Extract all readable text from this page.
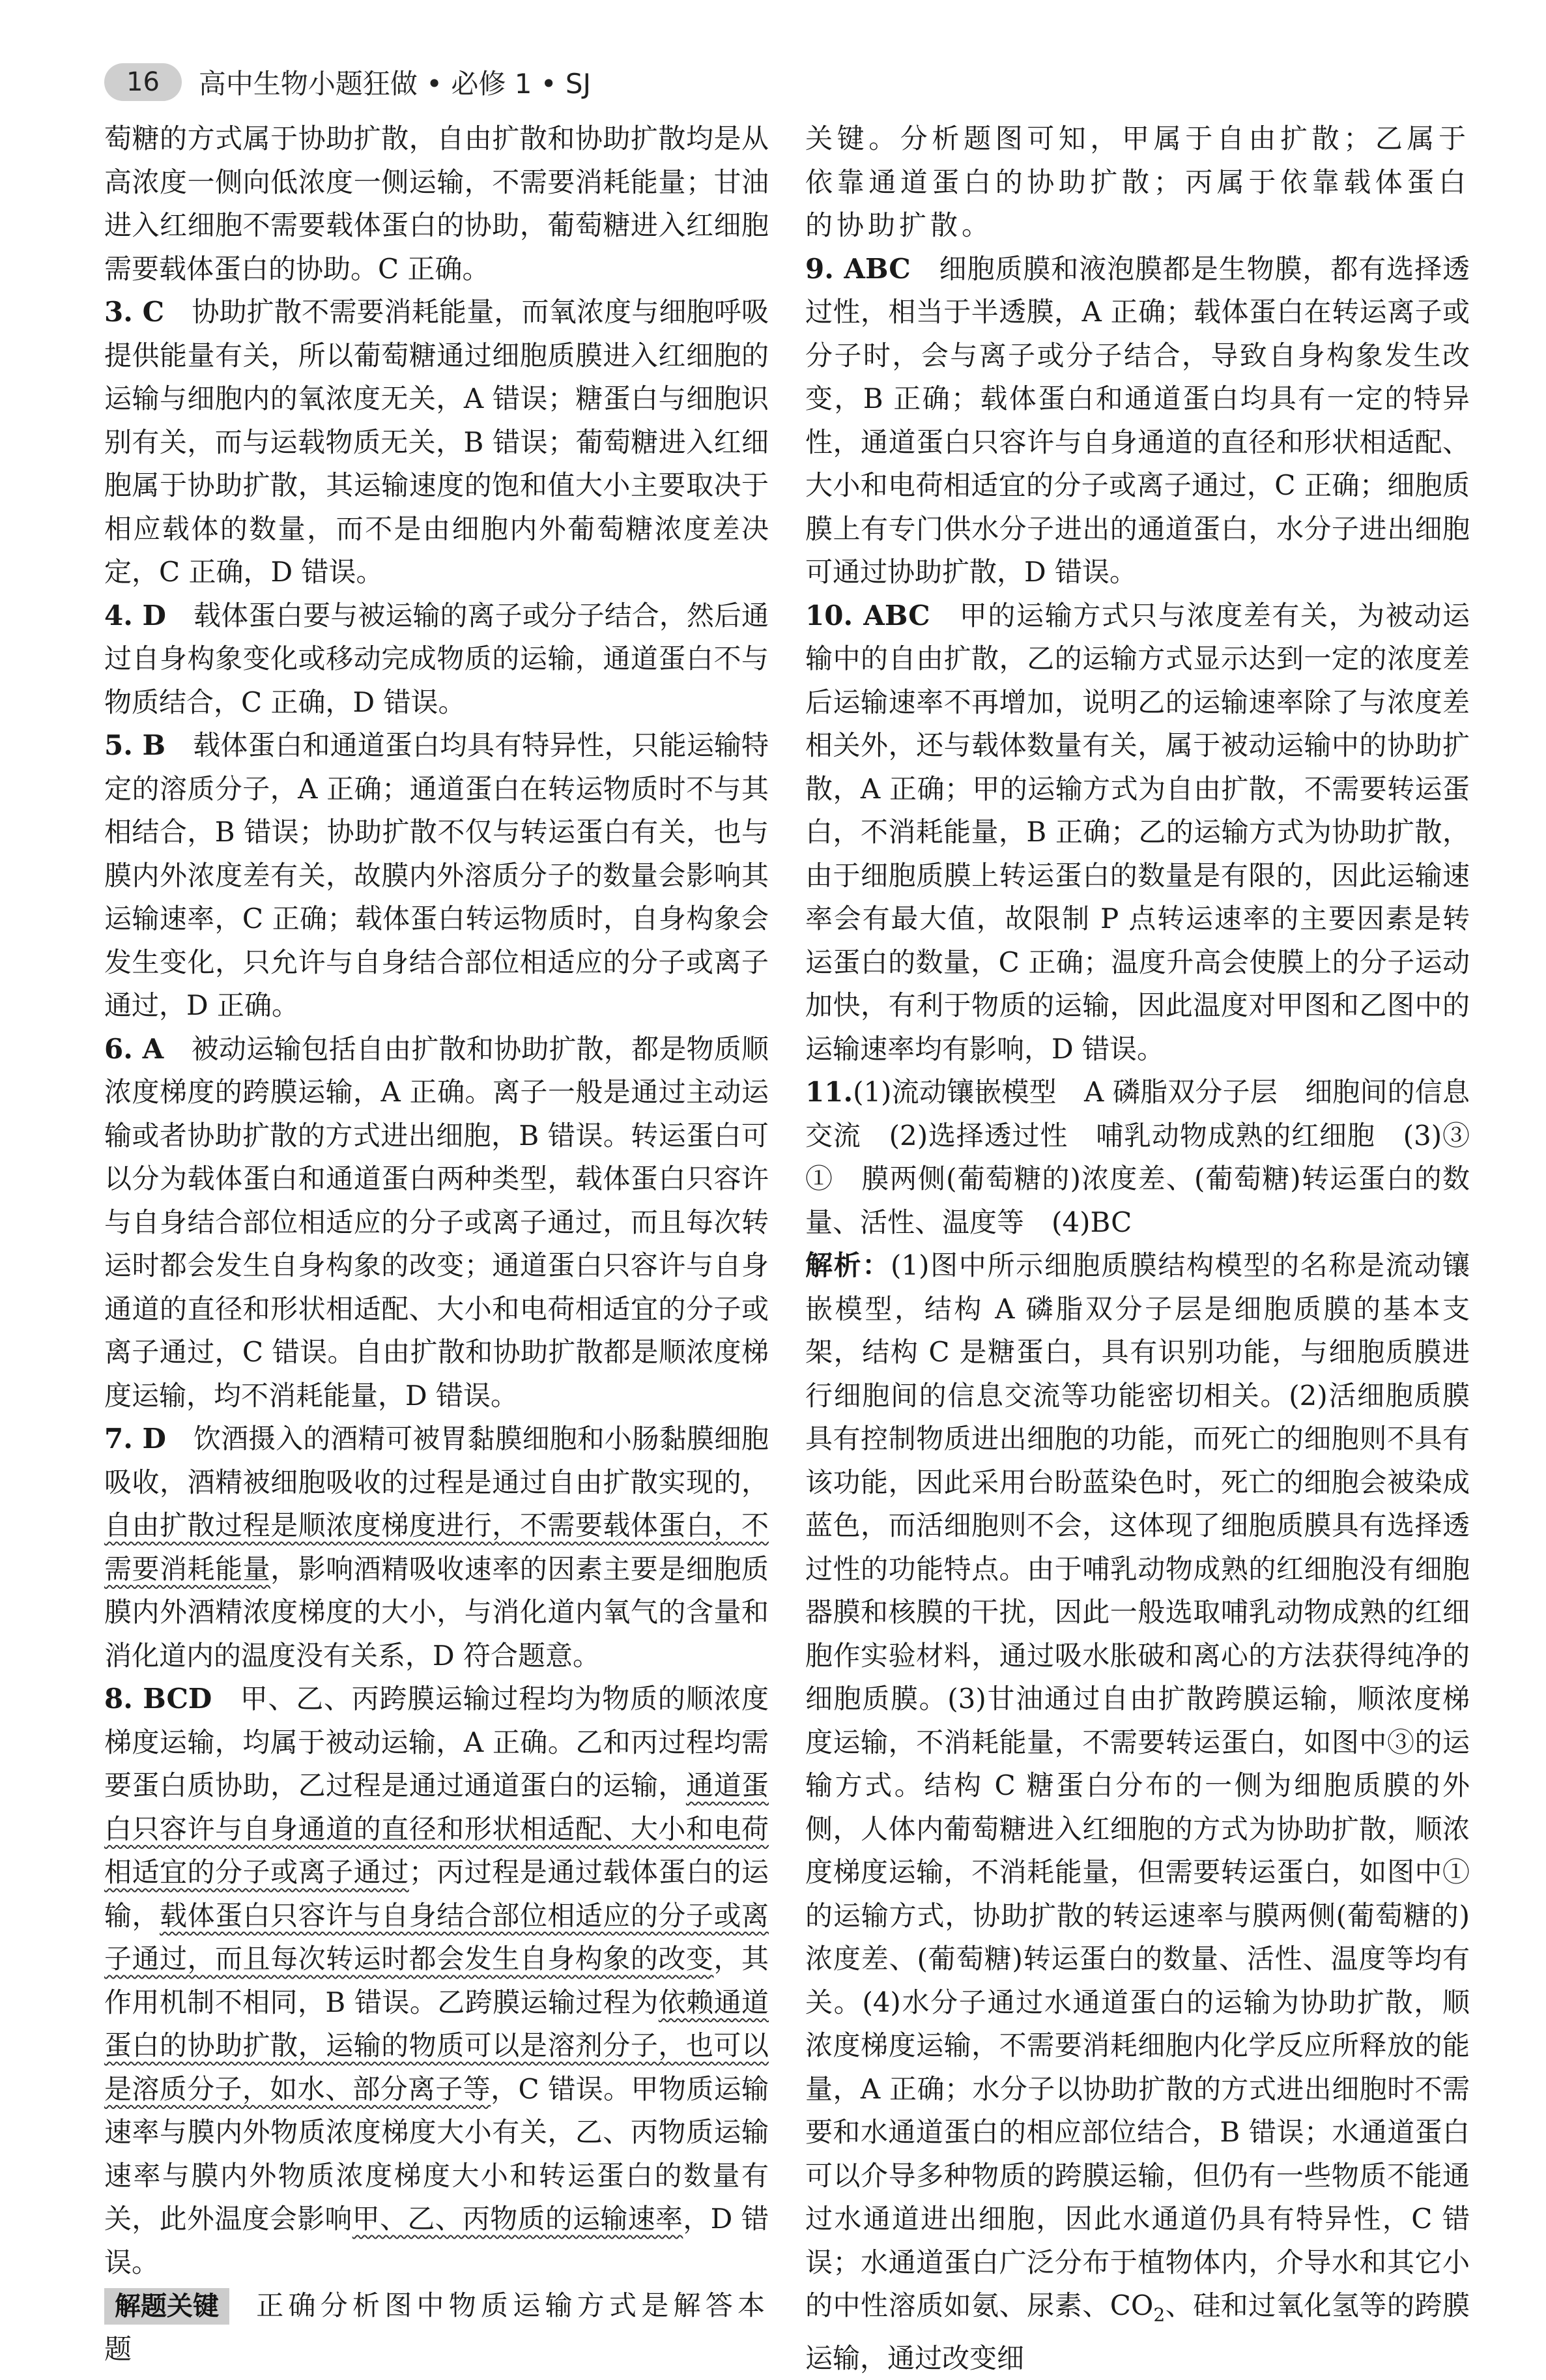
16	高中生物小题狂做 • 必修 1 • SJ

萄糖的方式属于协助扩散，自由扩散和协助扩散均是从高浓度一侧向低浓度一侧运输，不需要消耗能量；甘油进入红细胞不需要载体蛋白的协助，葡萄糖进入红细胞需要载体蛋白的协助。C 正确。

3. C　 协助扩散不需要消耗能量，而氧浓度与细胞呼吸提供能量有关，所以葡萄糖通过细胞质膜进入红细胞的运输与细胞内的氧浓度无关，A 错误；糖蛋白与细胞识别有关，而与运载物质无关，B 错误；葡萄糖进入红细胞属于协助扩散，其运输速度的饱和值大小主要取决于相应载体的数量，而不是由细胞内外葡萄糖浓度差决定，C 正确，D 错误。

4. D　 载体蛋白要与被运输的离子或分子结合，然后通过自身构象变化或移动完成物质的运输，通道蛋白不与物质结合，C 正确，D 错误。

5. B　 载体蛋白和通道蛋白均具有特异性，只能运输特定的溶质分子，A 正确；通道蛋白在转运物质时不与其相结合，B 错误；协助扩散不仅与转运蛋白有关，也与膜内外浓度差有关，故膜内外溶质分子的数量会影响其运输速率，C 正确；载体蛋白转运物质时，自身构象会发生变化，只允许与自身结合部位相适应的分子或离子通过，D 正确。

6. A　 被动运输包括自由扩散和协助扩散，都是物质顺浓度梯度的跨膜运输，A 正确。离子一般是通过主动运输或者协助扩散的方式进出细胞，B 错误。转运蛋白可以分为载体蛋白和通道蛋白两种类型，载体蛋白只容许与自身结合部位相适应的分子或离子通过，而且每次转运时都会发生自身构象的改变；通道蛋白只容许与自身通道的直径和形状相适配、大小和电荷相适宜的分子或离子通过，C 错误。自由扩散和协助扩散都是顺浓度梯度运输，均不消耗能量，D 错误。

7. D　 饮酒摄入的酒精可被胃黏膜细胞和小肠黏膜细胞吸收，酒精被细胞吸收的过程是通过自由扩散实现的，自由扩散过程是顺浓度梯度进行，不需要载体蛋白，不需要消耗能量，影响酒精吸收速率的因素主要是细胞质膜内外酒精浓度梯度的大小，与消化道内氧气的含量和消化道内的温度没有关系，D 符合题意。

8. BCD　 甲、乙、丙跨膜运输过程均为物质的顺浓度梯度运输，均属于被动运输，A 正确。乙和丙过程均需要蛋白质协助，乙过程是通过通道蛋白的运输，通道蛋白只容许与自身通道的直径和形状相适配、大小和电荷相适宜的分子或离子通过；丙过程是通过载体蛋白的运输，载体蛋白只容许与自身结合部位相适应的分子或离子通过，而且每次转运时都会发生自身构象的改变，其作用机制不相同，B 错误。乙跨膜运输过程为依赖通道蛋白的协助扩散，运输的物质可以是溶剂分子，也可以是溶质分子，如水、部分离子等，C 错误。甲物质运输速率与膜内外物质浓度梯度大小有关，乙、丙物质运输速率与膜内外物质浓度梯度大小和转运蛋白的数量有关，此外温度会影响甲、乙、丙物质的运输速率，D 错误。

解题关键 正确分析图中物质运输方式是解答本题

关键。分析题图可知，甲属于自由扩散；乙属于依靠通道蛋白的协助扩散；丙属于依靠载体蛋白的协助扩散。

9. ABC　 细胞质膜和液泡膜都是生物膜，都有选择透过性，相当于半透膜，A 正确；载体蛋白在转运离子或分子时，会与离子或分子结合，导致自身构象发生改变，B 正确；载体蛋白和通道蛋白均具有一定的特异性，通道蛋白只容许与自身通道的直径和形状相适配、大小和电荷相适宜的分子或离子通过，C 正确；细胞质膜上有专门供水分子进出的通道蛋白，水分子进出细胞可通过协助扩散，D 错误。

10. ABC　 甲的运输方式只与浓度差有关，为被动运输中的自由扩散，乙的运输方式显示达到一定的浓度差后运输速率不再增加，说明乙的运输速率除了与浓度差相关外，还与载体数量有关，属于被动运输中的协助扩散，A 正确；甲的运输方式为自由扩散，不需要转运蛋白，不消耗能量，B 正确；乙的运输方式为协助扩散，由于细胞质膜上转运蛋白的数量是有限的，因此运输速率会有最大值，故限制 P 点转运速率的主要因素是转运蛋白的数量，C 正确；温度升高会使膜上的分子运动加快，有利于物质的运输，因此温度对甲图和乙图中的运输速率均有影响，D 错误。

11.(1)流动镶嵌模型　A 磷脂双分子层　细胞间的信息交流　(2)选择透过性　哺乳动物成熟的红细胞　(3)③　①　膜两侧(葡萄糖的)浓度差、(葡萄糖)转运蛋白的数量、活性、温度等　(4)BC

解析：(1)图中所示细胞质膜结构模型的名称是流动镶嵌模型，结构 A 磷脂双分子层是细胞质膜的基本支架，结构 C 是糖蛋白，具有识别功能，与细胞质膜进行细胞间的信息交流等功能密切相关。(2)活细胞质膜具有控制物质进出细胞的功能，而死亡的细胞则不具有该功能，因此采用台盼蓝染色时，死亡的细胞会被染成蓝色，而活细胞则不会，这体现了细胞质膜具有选择透过性的功能特点。由于哺乳动物成熟的红细胞没有细胞器膜和核膜的干扰，因此一般选取哺乳动物成熟的红细胞作实验材料，通过吸水胀破和离心的方法获得纯净的细胞质膜。(3)甘油通过自由扩散跨膜运输，顺浓度梯度运输，不消耗能量，不需要转运蛋白，如图中③的运输方式。结构 C 糖蛋白分布的一侧为细胞质膜的外侧，人体内葡萄糖进入红细胞的方式为协助扩散，顺浓度梯度运输，不消耗能量，但需要转运蛋白，如图中①的运输方式，协助扩散的转运速率与膜两侧(葡萄糖的)浓度差、(葡萄糖)转运蛋白的数量、活性、温度等均有关。(4)水分子通过水通道蛋白的运输为协助扩散，顺浓度梯度运输，不需要消耗细胞内化学反应所释放的能量，A 正确；水分子以协助扩散的方式进出细胞时不需要和水通道蛋白的相应部位结合，B 错误；水通道蛋白可以介导多种物质的跨膜运输，但仍有一些物质不能通过水通道进出细胞，因此水通道仍具有特异性，C 错误；水通道蛋白广泛分布于植物体内，介导水和其它小的中性溶质如氨、尿素、$CO_2$、硅和过氧化氢等的跨膜运输，通过改变细
